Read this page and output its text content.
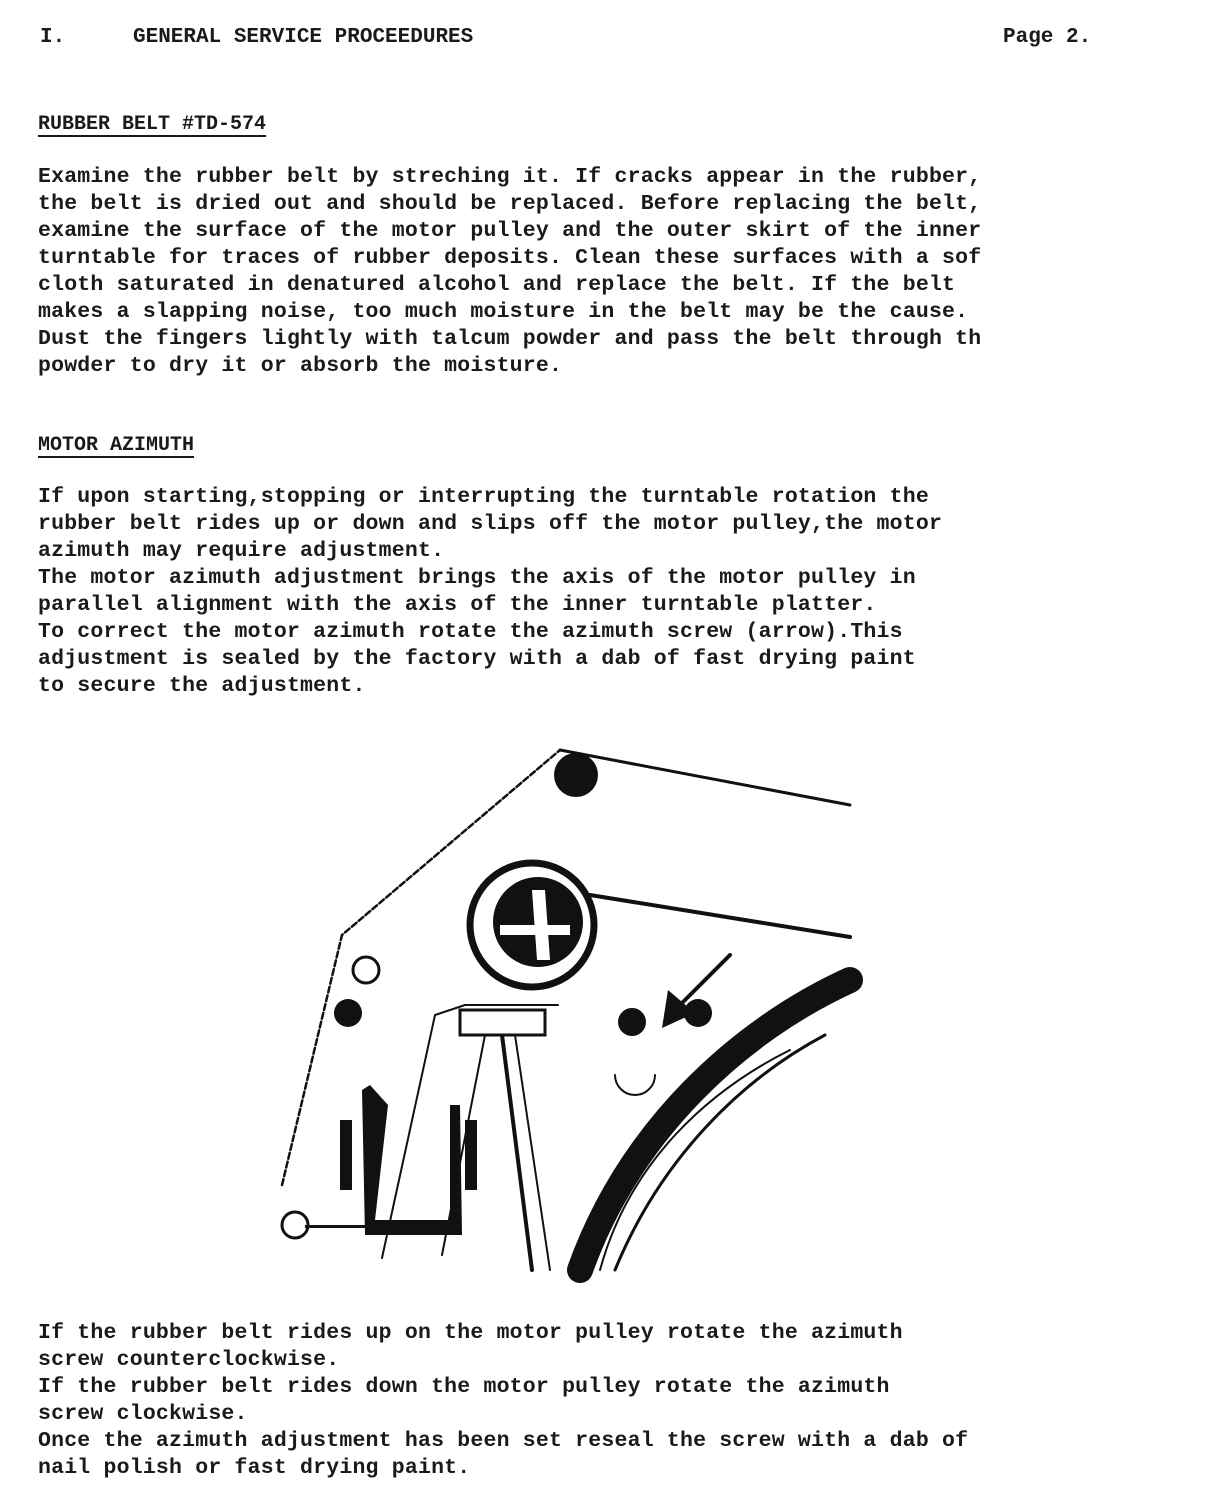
I.	GENERAL SERVICE PROCEEDURES	Page 2.
RUBBER BELT #TD-574
Examine the rubber belt by streching it. If cracks appear in the rubber,
the belt is dried out and should be replaced. Before replacing the belt,
examine the surface of the motor pulley and the outer skirt of the inner
turntable for traces of rubber deposits. Clean these surfaces with a sof
cloth saturated in denatured alcohol and replace the belt. If the belt
makes a slapping noise, too much moisture in the belt may be the cause.
Dust the fingers lightly with talcum powder and pass the belt through th
powder to dry it or absorb the moisture.
MOTOR AZIMUTH
If upon starting,stopping or interrupting the turntable rotation the
rubber belt rides up or down and slips off the motor pulley,the motor
azimuth may require adjustment.
The motor azimuth adjustment brings the axis of the motor pulley in
parallel alignment with the axis of the inner turntable platter.
To correct the motor azimuth rotate the azimuth screw (arrow).This
adjustment is sealed by the factory with a dab of fast drying paint
to secure the adjustment.
If the rubber belt rides up on the motor pulley rotate the azimuth
screw counterclockwise.
If the rubber belt rides down the motor pulley rotate the azimuth
screw clockwise.
Once the azimuth adjustment has been set reseal the screw with a dab of
nail polish or fast drying paint.
